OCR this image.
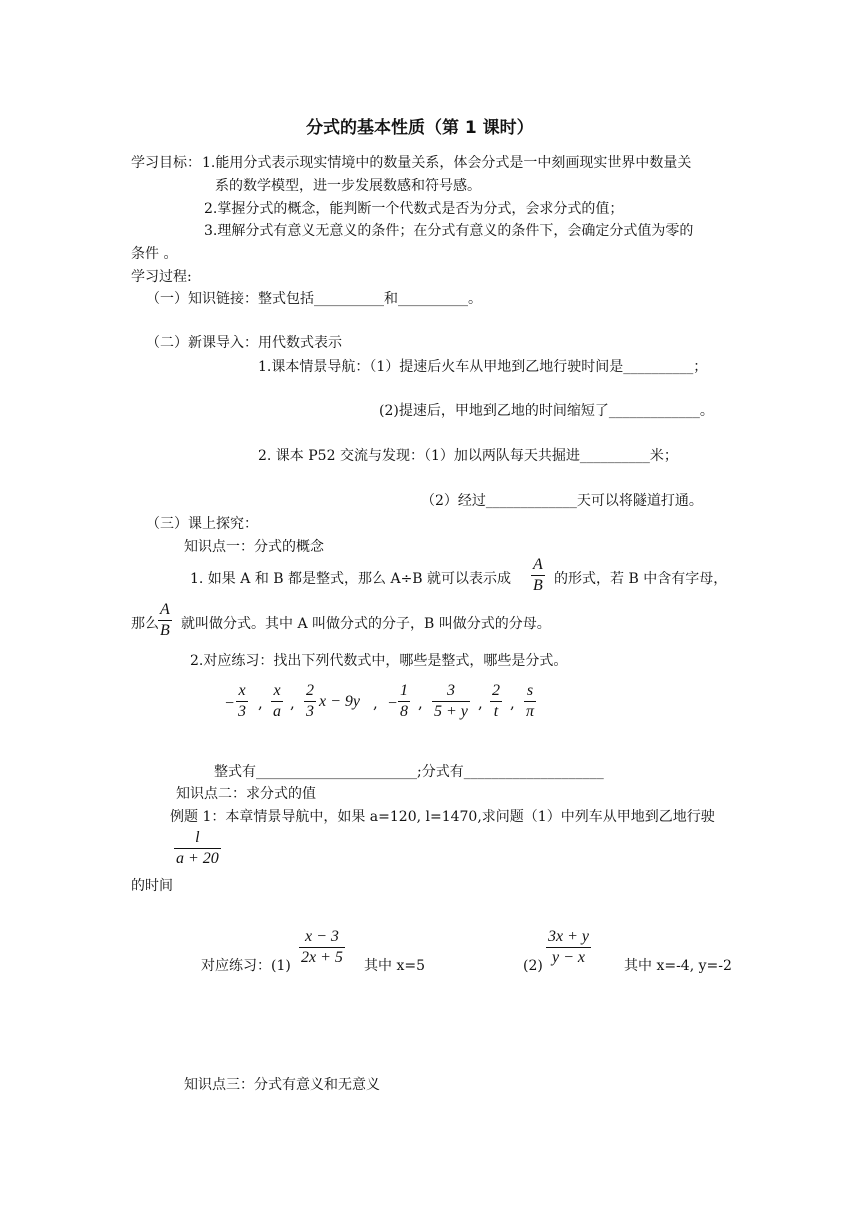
分式的基本性质（第 1 课时）
学习目标： 1.能用分式表示现实情境中的数量关系，体会分式是一中刻画现实世界中数量关
系的数学模型，进一步发展数感和符号感。
2.掌握分式的概念，能判断一个代数式是否为分式，会求分式的值；
3.理解分式有意义无意义的条件；在分式有意义的条件下，会确定分式值为零的
条件 。
学习过程:
（一）知识链接：整式包括__________和__________。
（二）新课导入：用代数式表示
1.课本情景导航：（1）提速后火车从甲地到乙地行驶时间是__________；
(2)提速后，甲地到乙地的时间缩短了_____________。
2. 课本 P52 交流与发现：（1）加以两队每天共掘进__________米；
（2）经过_____________天可以将隧道打通。
（三）课上探究：
知识点一：分式的概念
1. 如果 A 和 B 都是整式，那么 A÷B 就可以表示成 $\frac{A}{B}$ 的形式，若 B 中含有字母，
那么 $\frac{A}{B}$ 就叫做分式。其中 A 叫做分式的分子，B 叫做分式的分母。
2.对应练习：找出下列代数式中，哪些是整式，哪些是分式。
− $\frac{x}{3}$ , $\frac{x}{a}$ , $\frac{2}{3}$ x − 9y , − $\frac{1}{8}$ , $\frac{3}{5 + y}$ , $\frac{2}{t}$ , $\frac{s}{\pi}$
整式有_______________________;分式有____________________
知识点二：求分式的值
例题 1：本章情景导航中，如果 a=120, l=1470,求问题（1）中列车从甲地到乙地行驶
$\frac{l}{a + 20}$
的时间
对应练习：$(1) \frac{x - 3}{2x + 5}$ 其中 x=5	$(2) \frac{3x + y}{y - x}$ 其中 x=-4, y=-2
知识点三：分式有意义和无意义
